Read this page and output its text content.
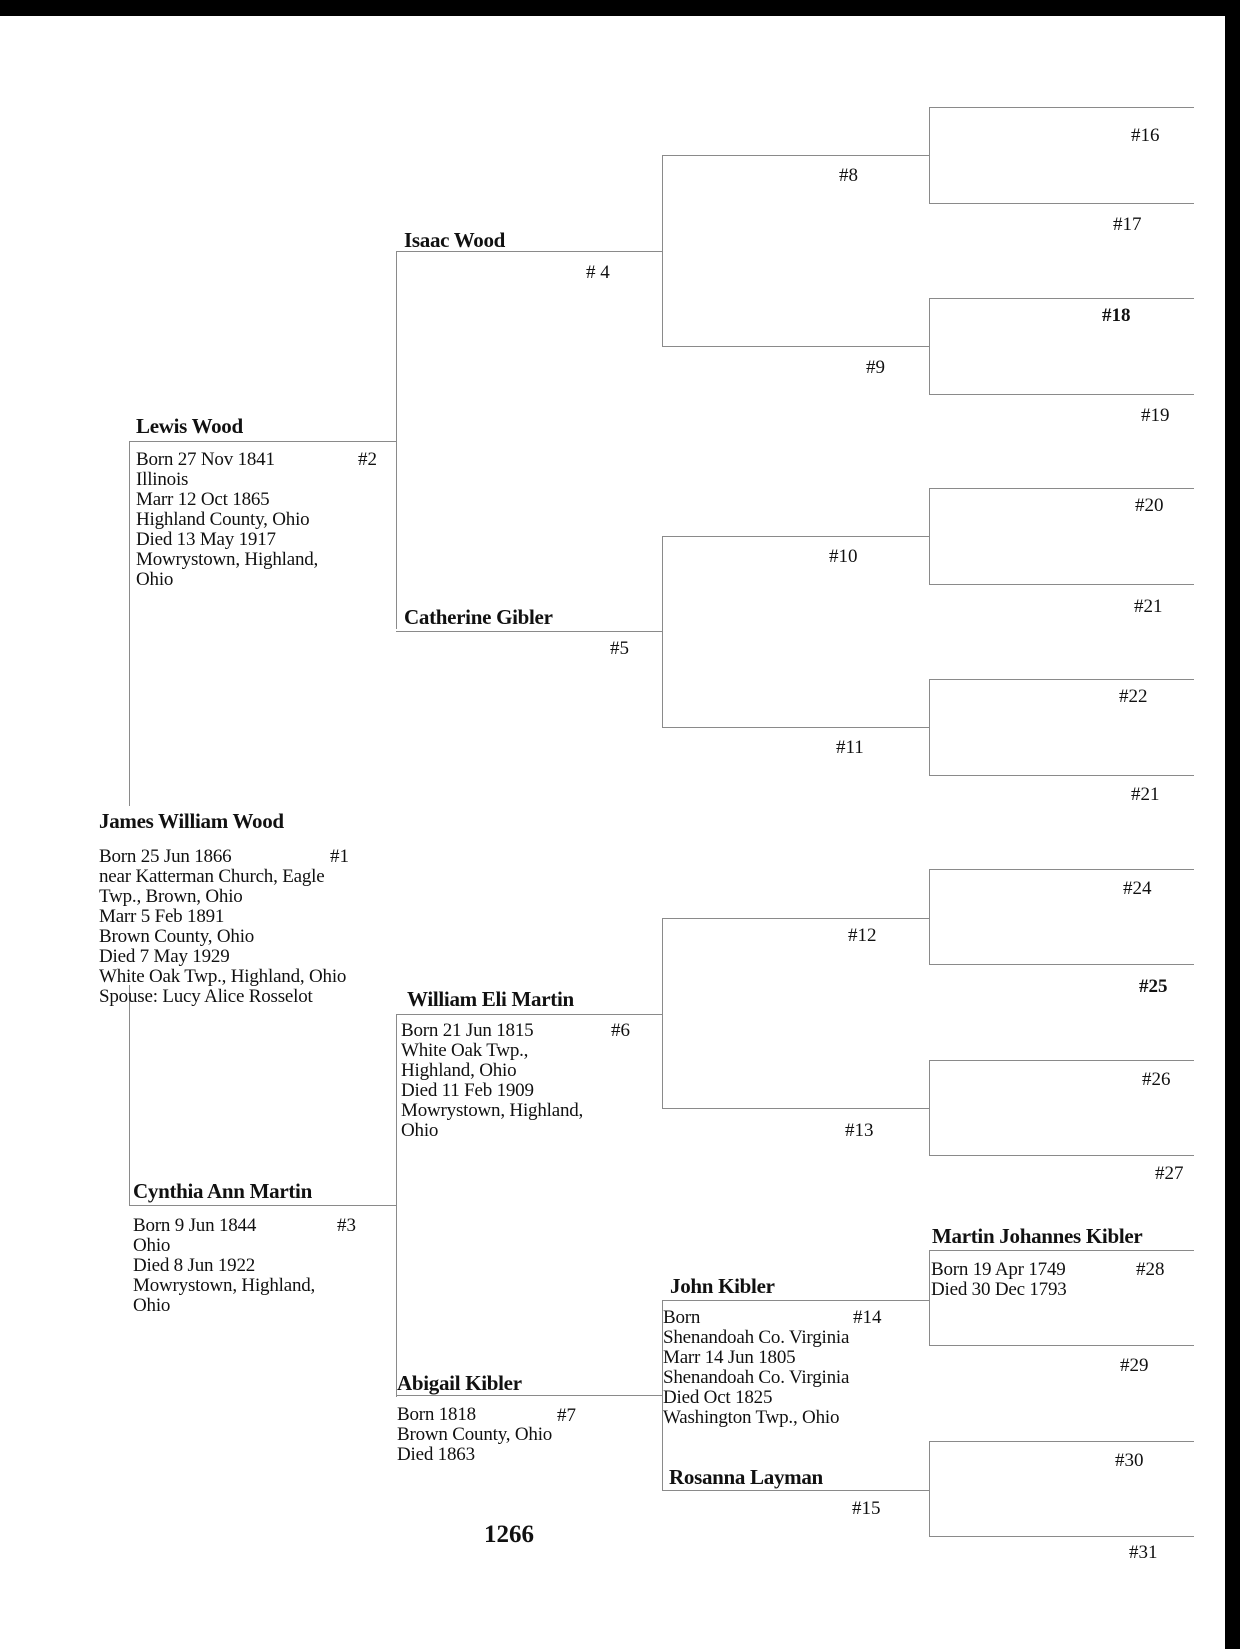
James William Wood
#1
Born 25 Jun 1866
near Katterman Church, Eagle
Twp., Brown, Ohio
Marr 5 Feb 1891
Brown County, Ohio
Died 7 May 1929
White Oak Twp., Highland, Ohio
Spouse: Lucy Alice Rosselot
Lewis Wood
#2
Born 27 Nov 1841
Illinois
Marr 12 Oct 1865
Highland County, Ohio
Died 13 May 1917
Mowrystown, Highland,
Ohio
Cynthia Ann Martin
#3
Born 9 Jun 1844
Ohio
Died 8 Jun 1922
Mowrystown, Highland,
Ohio
Isaac Wood
# 4
Catherine Gibler
#5
William Eli Martin
#6
Born 21 Jun 1815
White Oak Twp.,
Highland, Ohio
Died 11 Feb 1909
Mowrystown, Highland,
Ohio
Abigail Kibler
#7
Born 1818
Brown County, Ohio
Died 1863
#8
#9
#10
#11
#12
#13
John Kibler
#14
Born
Shenandoah Co. Virginia
Marr 14 Jun 1805
Shenandoah Co. Virginia
Died Oct 1825
Washington Twp., Ohio
Rosanna Layman
#15
#16
#17
#18
#19
#20
#21
#22
#21
#24
#25
#26
#27
Martin Johannes Kibler
#28
Born 19 Apr 1749
Died 30 Dec 1793
#29
#30
#31
1266
